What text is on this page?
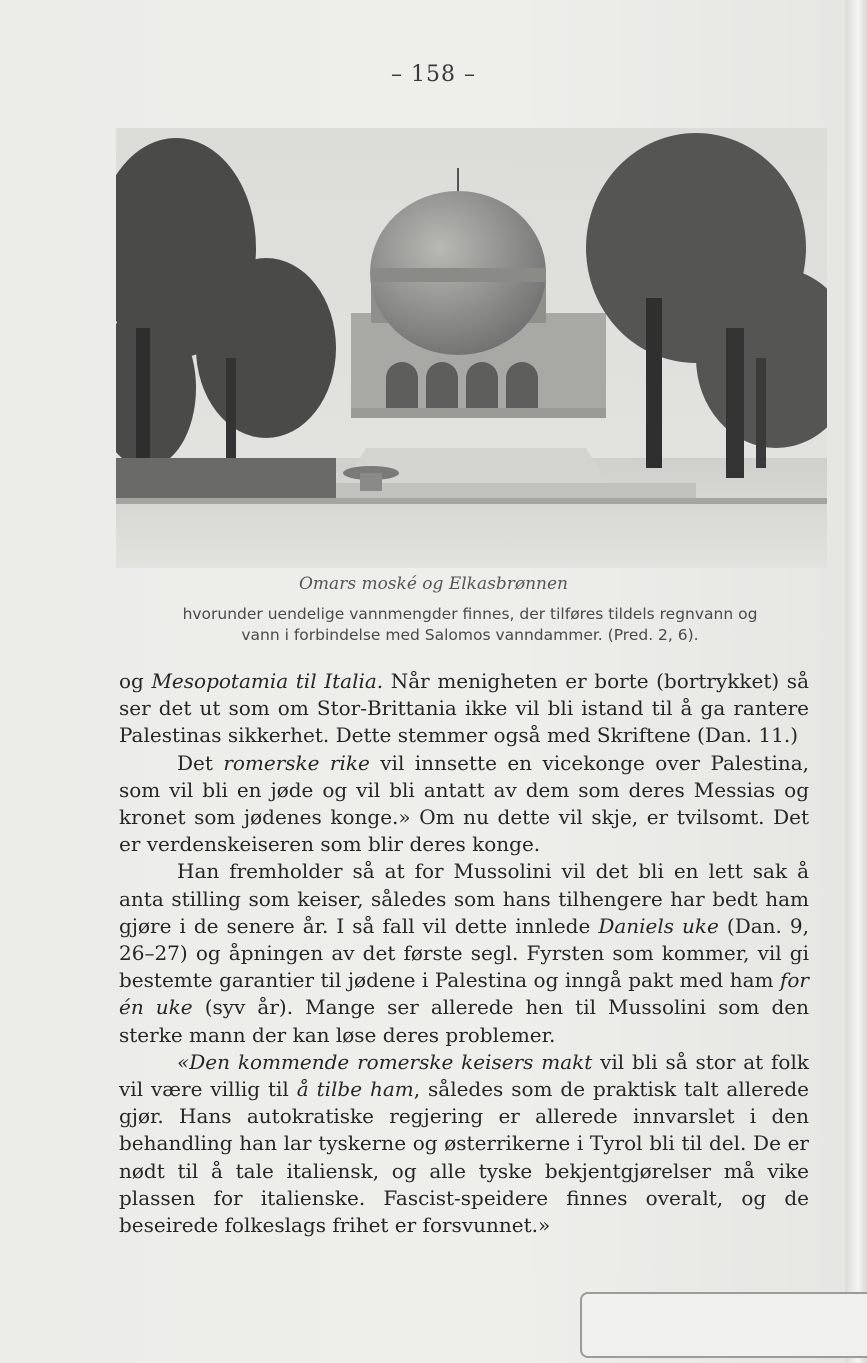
– 158 –
Omars moské og Elkasbrønnen
hvorunder uendelige vannmengder finnes, der tilføres tildels regnvann og
vann i forbindelse med Salomos vanndammer. (Pred. 2, 6).

og Mesopotamia til Italia. Når menigheten er borte (bortrykket) så ser det ut som om Stor-Brittania ikke vil bli istand til å ga rantere Palestinas sikkerhet. Dette stemmer også med Skriftene (Dan. 11.)

Det romerske rike vil innsette en vicekonge over Palestina, som vil bli en jøde og vil bli antatt av dem som deres Messias og kronet som jødenes konge.» Om nu dette vil skje, er tvilsomt. Det er verdenskeiseren som blir deres konge.

Han fremholder så at for Mussolini vil det bli en lett sak å anta stilling som keiser, således som hans tilhengere har bedt ham gjøre i de senere år. I så fall vil dette innlede Daniels uke (Dan. 9, 26–27) og åpningen av det første segl. Fyrsten som kommer, vil gi bestemte garantier til jødene i Palestina og inngå pakt med ham for én uke (syv år). Mange ser allerede hen til Mussolini som den sterke mann der kan løse deres problemer.

«Den kommende romerske keisers makt vil bli så stor at folk vil være villig til å tilbe ham, således som de praktisk talt allerede gjør. Hans autokratiske regjering er allerede innvarslet i den behandling han lar tyskerne og østerrikerne i Tyrol bli til del. De er nødt til å tale italiensk, og alle tyske bekjentgjørelser må vike plassen for italienske. Fascist-speidere finnes overalt, og de beseirede folkeslags frihet er forsvunnet.»
